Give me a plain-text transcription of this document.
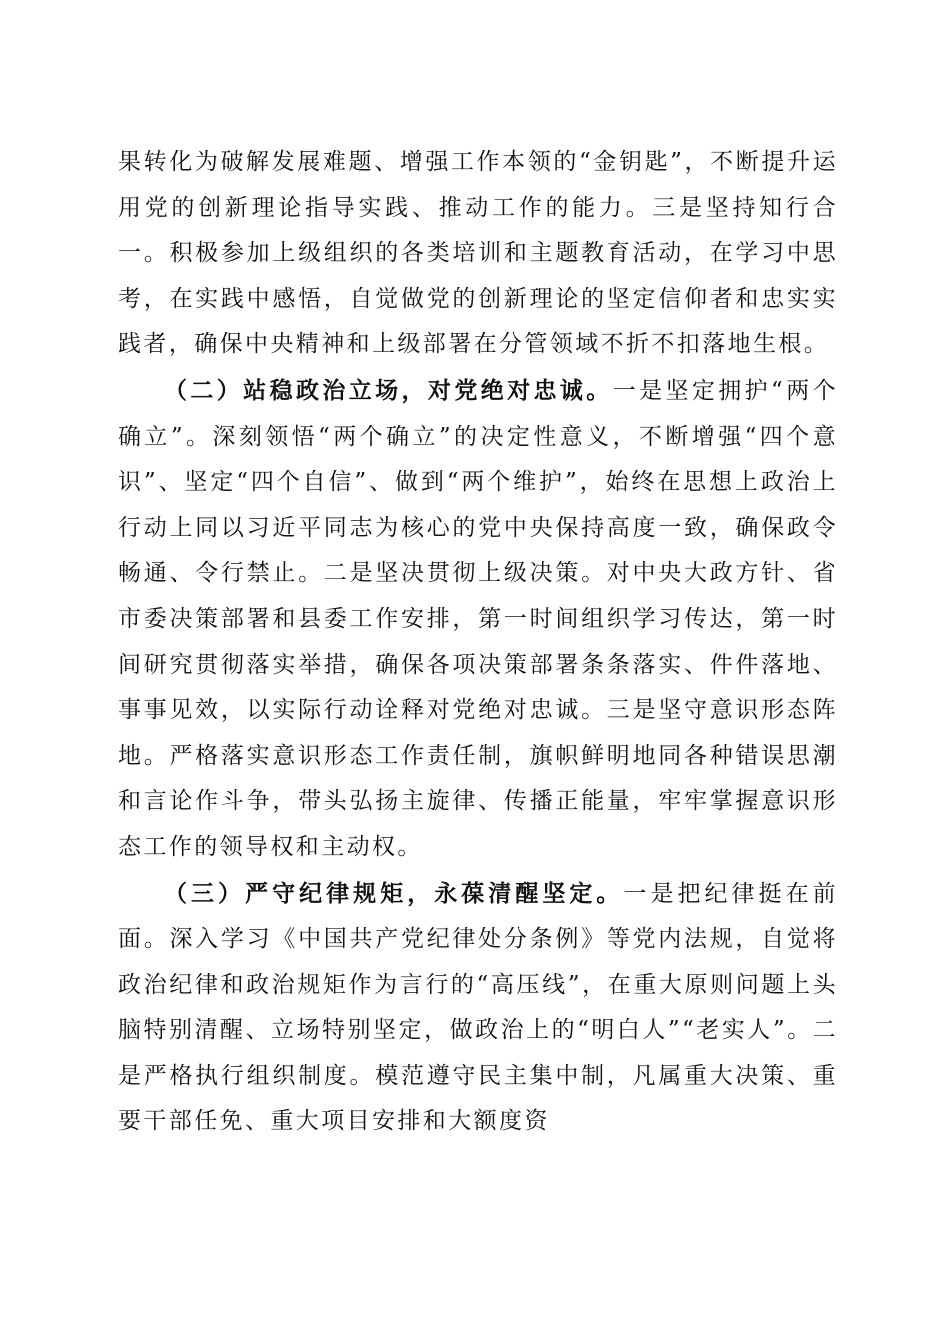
果转化为破解发展难题、增强工作本领的“金钥匙”，不断提升运用党的创新理论指导实践、推动工作的能力。三是坚持知行合一。积极参加上级组织的各类培训和主题教育活动，在学习中思考，在实践中感悟，自觉做党的创新理论的坚定信仰者和忠实实践者，确保中央精神和上级部署在分管领域不折不扣落地生根。

（二）站稳政治立场，对党绝对忠诚。一是坚定拥护“两个确立”。深刻领悟“两个确立”的决定性意义，不断增强“四个意识”、坚定“四个自信”、做到“两个维护”，始终在思想上政治上行动上同以习近平同志为核心的党中央保持高度一致，确保政令畅通、令行禁止。二是坚决贯彻上级决策。对中央大政方针、省市委决策部署和县委工作安排，第一时间组织学习传达，第一时间研究贯彻落实举措，确保各项决策部署条条落实、件件落地、事事见效，以实际行动诠释对党绝对忠诚。三是坚守意识形态阵地。严格落实意识形态工作责任制，旗帜鲜明地同各种错误思潮和言论作斗争，带头弘扬主旋律、传播正能量，牢牢掌握意识形态工作的领导权和主动权。

（三）严守纪律规矩，永葆清醒坚定。一是把纪律挺在前面。深入学习《中国共产党纪律处分条例》等党内法规，自觉将政治纪律和政治规矩作为言行的“高压线”，在重大原则问题上头脑特别清醒、立场特别坚定，做政治上的“明白人”“老实人”。二是严格执行组织制度。模范遵守民主集中制，凡属重大决策、重要干部任免、重大项目安排和大额度资
